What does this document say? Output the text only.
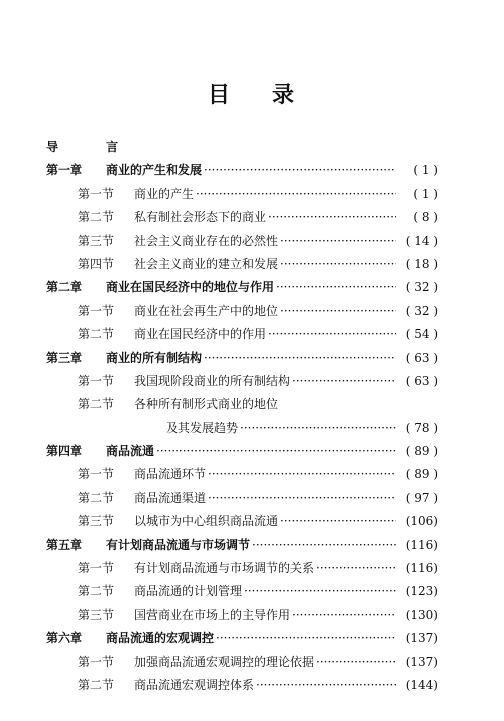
目 录
导 言
第一章	商业的产生和发展 ·····	( 1 )
第一节	商业的产生 ·····	( 1 )
第二节	私有制社会形态下的商业 ·····	( 8 )
第三节	社会主义商业存在的必然性 ·····	( 14 )
第四节	社会主义商业的建立和发展 ·····	( 18 )
第二章	商业在国民经济中的地位与作用 ·····	( 32 )
第一节	商业在社会再生产中的地位 ·····	( 32 )
第二节	商业在国民经济中的作用 ·····	( 54 )
第三章	商业的所有制结构 ·····	( 63 )
第一节	我国现阶段商业的所有制结构 ·····	( 63 )
第二节	各种所有制形式商业的地位
及其发展趋势 ·····	( 78 )
第四章	商品流通 ·····	( 89 )
第一节	商品流通环节 ·····	( 89 )
第二节	商品流通渠道 ·····	( 97 )
第三节	以城市为中心组织商品流通 ·····	(106)
第五章	有计划商品流通与市场调节 ·····	(116)
第一节	有计划商品流通与市场调节的关系 ·····	(116)
第二节	商品流通的计划管理 ·····	(123)
第三节	国营商业在市场上的主导作用 ·····	(130)
第六章	商品流通的宏观调控 ·····	(137)
第一节	加强商品流通宏观调控的理论依据 ·····	(137)
第二节	商品流通宏观调控体系 ·····	(144)
